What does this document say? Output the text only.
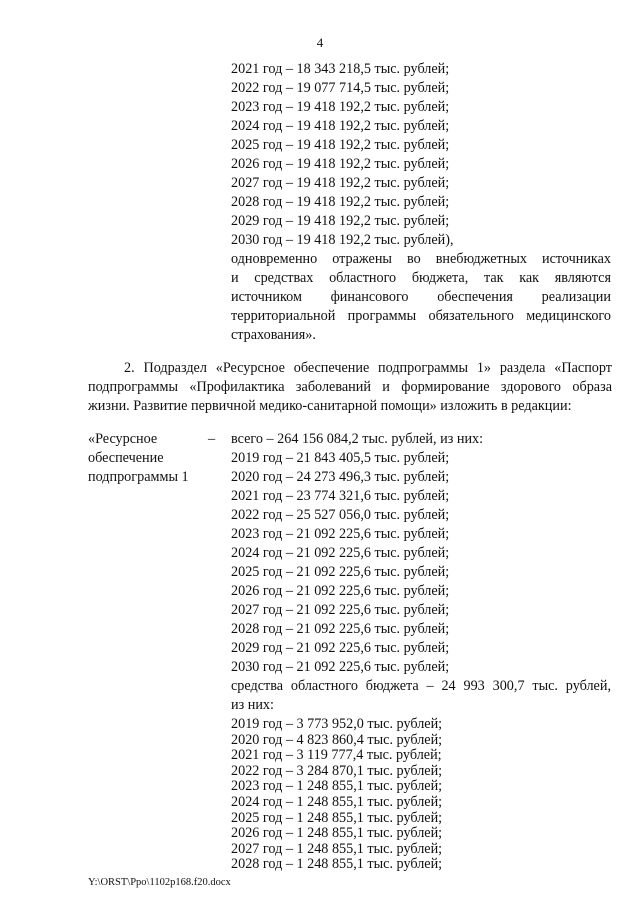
4
2021 год – 18 343 218,5 тыс. рублей;
2022 год – 19 077 714,5 тыс. рублей;
2023 год – 19 418 192,2 тыс. рублей;
2024 год – 19 418 192,2 тыс. рублей;
2025 год – 19 418 192,2 тыс. рублей;
2026 год – 19 418 192,2 тыс. рублей;
2027 год – 19 418 192,2 тыс. рублей;
2028 год – 19 418 192,2 тыс. рублей;
2029 год – 19 418 192,2 тыс. рублей;
2030 год – 19 418 192,2 тыс. рублей),
одновременно отражены во внебюджетных источниках
и средствах областного бюджета, так как являются
источником финансового обеспечения реализации
территориальной программы обязательного медицинского
страхования».
2. Подраздел «Ресурсное обеспечение подпрограммы 1» раздела «Паспорт
подпрограммы «Профилактика заболеваний и формирование здорового образа
жизни. Развитие первичной медико-санитарной помощи» изложить в редакции:
«Ресурсное
обеспечение
подпрограммы 1
– всего – 264 156 084,2 тыс. рублей, из них:
2019 год – 21 843 405,5 тыс. рублей;
2020 год – 24 273 496,3 тыс. рублей;
2021 год – 23 774 321,6 тыс. рублей;
2022 год – 25 527 056,0 тыс. рублей;
2023 год – 21 092 225,6 тыс. рублей;
2024 год – 21 092 225,6 тыс. рублей;
2025 год – 21 092 225,6 тыс. рублей;
2026 год – 21 092 225,6 тыс. рублей;
2027 год – 21 092 225,6 тыс. рублей;
2028 год – 21 092 225,6 тыс. рублей;
2029 год – 21 092 225,6 тыс. рублей;
2030 год – 21 092 225,6 тыс. рублей;
средства областного бюджета – 24 993 300,7 тыс. рублей,
из них:
2019 год – 3 773 952,0 тыс. рублей;
2020 год – 4 823 860,4 тыс. рублей;
2021 год – 3 119 777,4 тыс. рублей;
2022 год – 3 284 870,1 тыс. рублей;
2023 год – 1 248 855,1 тыс. рублей;
2024 год – 1 248 855,1 тыс. рублей;
2025 год – 1 248 855,1 тыс. рублей;
2026 год – 1 248 855,1 тыс. рублей;
2027 год – 1 248 855,1 тыс. рублей;
2028 год – 1 248 855,1 тыс. рублей;
Y:\ORST\Ppo\1102p168.f20.docx
